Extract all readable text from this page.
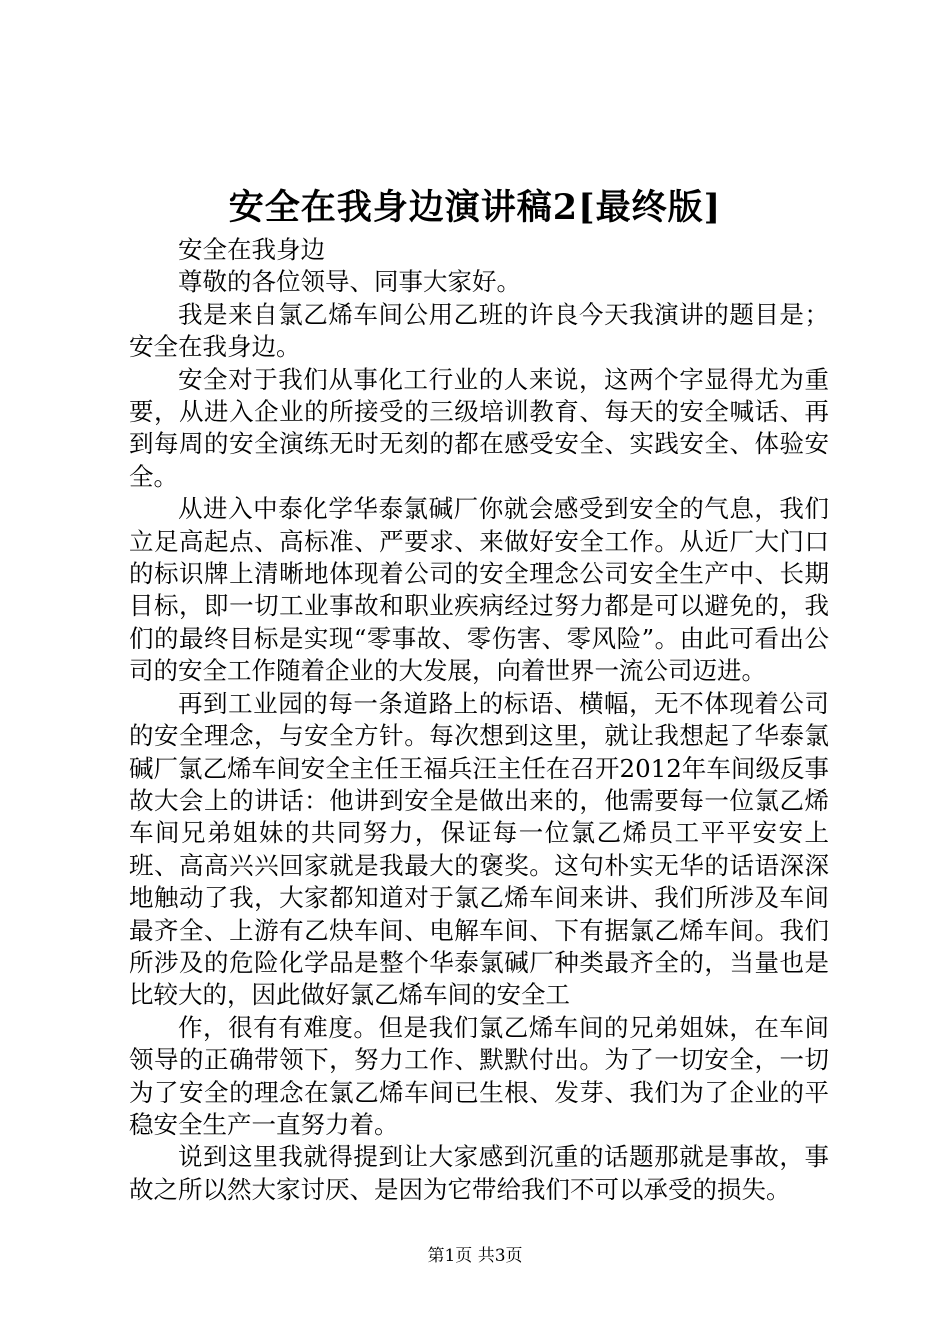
安全在我身边演讲稿2[最终版]

安全在我身边

尊敬的各位领导、同事大家好。

我是来自氯乙烯车间公用乙班的许良今天我演讲的题目是；安全在我身边。

安全对于我们从事化工行业的人来说，这两个字显得尤为重要，从进入企业的所接受的三级培训教育、每天的安全喊话、再到每周的安全演练无时无刻的都在感受安全、实践安全、体验安全。

从进入中泰化学华泰氯碱厂你就会感受到安全的气息，我们立足高起点、高标准、严要求、来做好安全工作。从近厂大门口的标识牌上清晰地体现着公司的安全理念公司安全生产中、长期目标，即一切工业事故和职业疾病经过努力都是可以避免的，我们的最终目标是实现“零事故、零伤害、零风险”。由此可看出公司的安全工作随着企业的大发展，向着世界一流公司迈进。

再到工业园的每一条道路上的标语、横幅，无不体现着公司的安全理念，与安全方针。每次想到这里，就让我想起了华泰氯碱厂氯乙烯车间安全主任王福兵汪主任在召开2012年车间级反事故大会上的讲话：他讲到安全是做出来的，他需要每一位氯乙烯车间兄弟姐妹的共同努力，保证每一位氯乙烯员工平平安安上班、高高兴兴回家就是我最大的褒奖。这句朴实无华的话语深深地触动了我，大家都知道对于氯乙烯车间来讲、我们所涉及车间最齐全、上游有乙炔车间、电解车间、下有据氯乙烯车间。我们所涉及的危险化学品是整个华泰氯碱厂种类最齐全的，当量也是比较大的，因此做好氯乙烯车间的安全工

作，很有有难度。但是我们氯乙烯车间的兄弟姐妹，在车间领导的正确带领下，努力工作、默默付出。为了一切安全，一切为了安全的理念在氯乙烯车间已生根、发芽、我们为了企业的平稳安全生产一直努力着。

说到这里我就得提到让大家感到沉重的话题那就是事故，事故之所以然大家讨厌、是因为它带给我们不可以承受的损失。

第1页 共3页
